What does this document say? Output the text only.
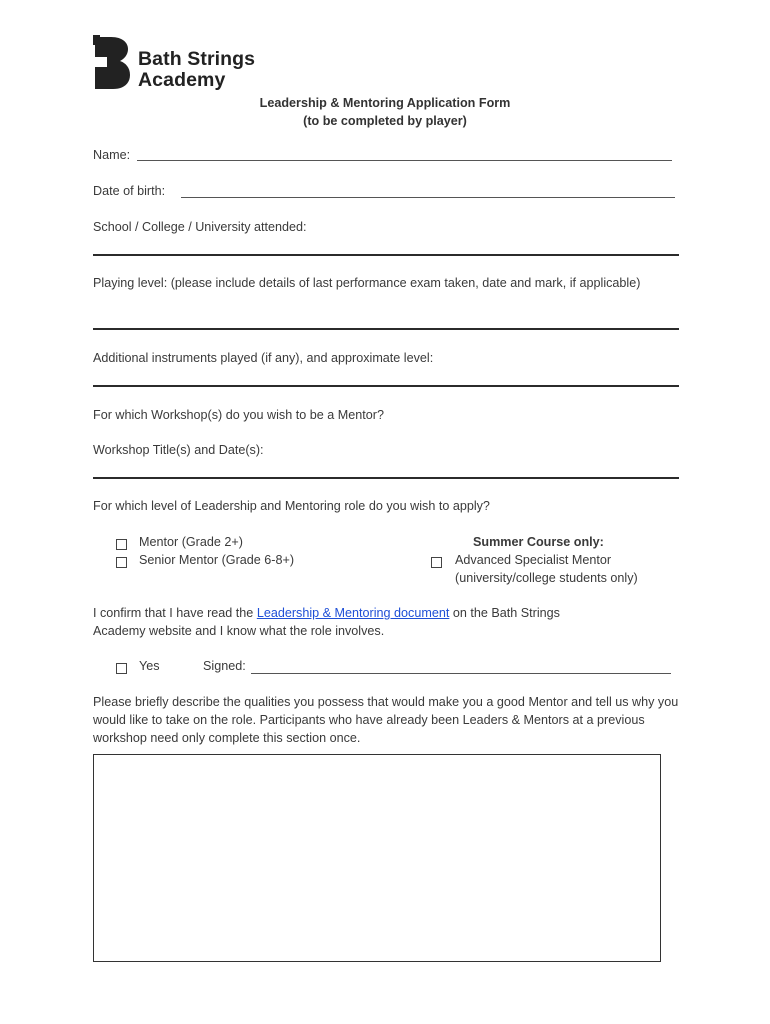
Bath Strings
Academy
Leadership & Mentoring Application Form
(to be completed by player)
Name:
Date of birth:
School / College / University attended:
Playing level: (please include details of last performance exam taken, date and mark, if applicable)
Additional instruments played (if any), and approximate level:
For which Workshop(s) do you wish to be a Mentor?
Workshop Title(s) and Date(s):
For which level of Leadership and Mentoring role do you wish to apply?
Mentor (Grade 2+)
Senior Mentor (Grade 6-8+)
Summer Course only:
Advanced Specialist Mentor
(university/college students only)
I confirm that I have read the Leadership & Mentoring document on the Bath Strings
Academy website and I know what the role involves.
Yes	Signed:
Please briefly describe the qualities you possess that would make you a good Mentor and tell us why you would like to take on the role. Participants who have already been Leaders & Mentors at a previous workshop need only complete this section once.
